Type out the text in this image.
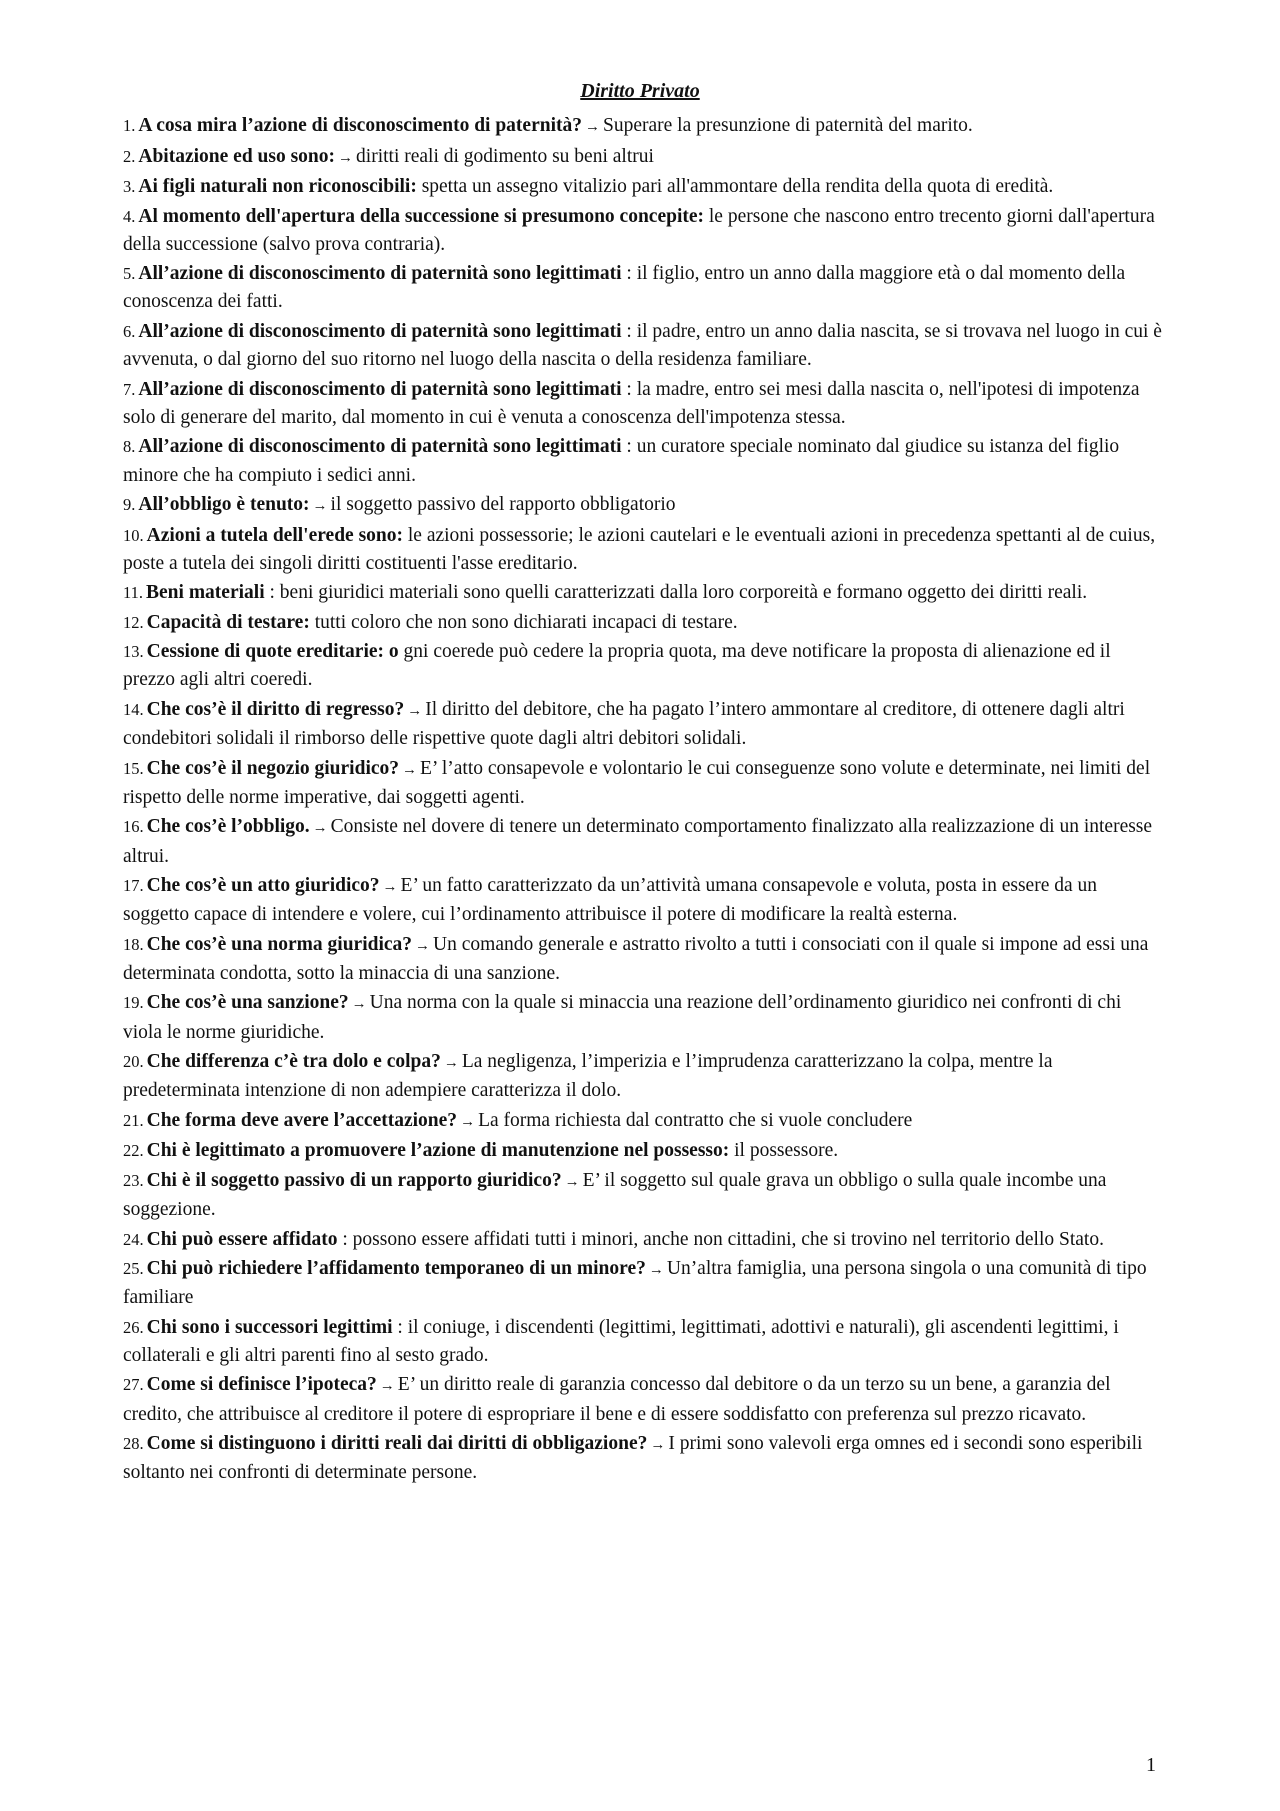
Diritto Privato
1. A cosa mira l’azione di disconoscimento di paternità? → Superare la presunzione di paternità del marito.
2. Abitazione ed uso sono: → diritti reali di godimento su beni altrui
3. Ai figli naturali non riconoscibili: spetta un assegno vitalizio pari all'ammontare della rendita della quota di eredità.
4. Al momento dell'apertura della successione si presumono concepite: le persone che nascono entro trecento giorni dall'apertura della successione (salvo prova contraria).
5. All’azione di disconoscimento di paternità sono legittimati : il figlio, entro un anno dalla maggiore età o dal momento della conoscenza dei fatti.
6. All’azione di disconoscimento di paternità sono legittimati : il padre, entro un anno dalia nascita, se si trovava nel luogo in cui è avvenuta, o dal giorno del suo ritorno nel luogo della nascita o della residenza familiare.
7. All’azione di disconoscimento di paternità sono legittimati : la madre, entro sei mesi dalla nascita o, nell'ipotesi di impotenza solo di generare del marito, dal momento in cui è venuta a conoscenza dell'impotenza stessa.
8. All’azione di disconoscimento di paternità sono legittimati : un curatore speciale nominato dal giudice su istanza del figlio minore che ha compiuto i sedici anni.
9. All’obbligo è tenuto: → il soggetto passivo del rapporto obbligatorio
10. Azioni a tutela dell'erede sono: le azioni possessorie; le azioni cautelari e le eventuali azioni in precedenza spettanti al de cuius, poste a tutela dei singoli diritti costituenti l'asse ereditario.
11. Beni materiali : beni giuridici materiali sono quelli caratterizzati dalla loro corporeità e formano oggetto dei diritti reali.
12. Capacità di testare: tutti coloro che non sono dichiarati incapaci di testare.
13. Cessione di quote ereditarie: o gni coerede può cedere la propria quota, ma deve notificare la proposta di alienazione ed il prezzo agli altri coeredi.
14. Che cos’è il diritto di regresso? → Il diritto del debitore, che ha pagato l’intero ammontare al creditore, di ottenere dagli altri condebitori solidali il rimborso delle rispettive quote dagli altri debitori solidali.
15. Che cos’è il negozio giuridico? → E’ l’atto consapevole e volontario le cui conseguenze sono volute e determinate, nei limiti del rispetto delle norme imperative, dai soggetti agenti.
16. Che cos’è l’obbligo. → Consiste nel dovere di tenere un determinato comportamento finalizzato alla realizzazione di un interesse altrui.
17. Che cos’è un atto giuridico? → E’ un fatto caratterizzato da un’attività umana consapevole e voluta, posta in essere da un soggetto capace di intendere e volere, cui l’ordinamento attribuisce il potere di modificare la realtà esterna.
18. Che cos’è una norma giuridica? → Un comando generale e astratto rivolto a tutti i consociati con il quale si impone ad essi una determinata condotta, sotto la minaccia di una sanzione.
19. Che cos’è una sanzione? → Una norma con la quale si minaccia una reazione dell’ordinamento giuridico nei confronti di chi viola le norme giuridiche.
20. Che differenza c’è tra dolo e colpa? → La negligenza, l’imperizia e l’imprudenza caratterizzano la colpa, mentre la predeterminata intenzione di non adempiere caratterizza il dolo.
21. Che forma deve avere l’accettazione? → La forma richiesta dal contratto che si vuole concludere
22. Chi è legittimato a promuovere l’azione di manutenzione nel possesso: il possessore.
23. Chi è il soggetto passivo di un rapporto giuridico? → E’ il soggetto sul quale grava un obbligo o sulla quale incombe una soggezione.
24. Chi può essere affidato : possono essere affidati tutti i minori, anche non cittadini, che si trovino nel territorio dello Stato.
25. Chi può richiedere l’affidamento temporaneo di un minore? → Un’altra famiglia, una persona singola o una comunità di tipo familiare
26. Chi sono i successori legittimi : il coniuge, i discendenti (legittimi, legittimati, adottivi e naturali), gli ascendenti legittimi, i collaterali e gli altri parenti fino al sesto grado.
27. Come si definisce l’ipoteca? → E’ un diritto reale di garanzia concesso dal debitore o da un terzo su un bene, a garanzia del credito, che attribuisce al creditore il potere di espropriare il bene e di essere soddisfatto con preferenza sul prezzo ricavato.
28. Come si distinguono i diritti reali dai diritti di obbligazione? → I primi sono valevoli erga omnes ed i secondi sono esperibili soltanto nei confronti di determinate persone.
1
